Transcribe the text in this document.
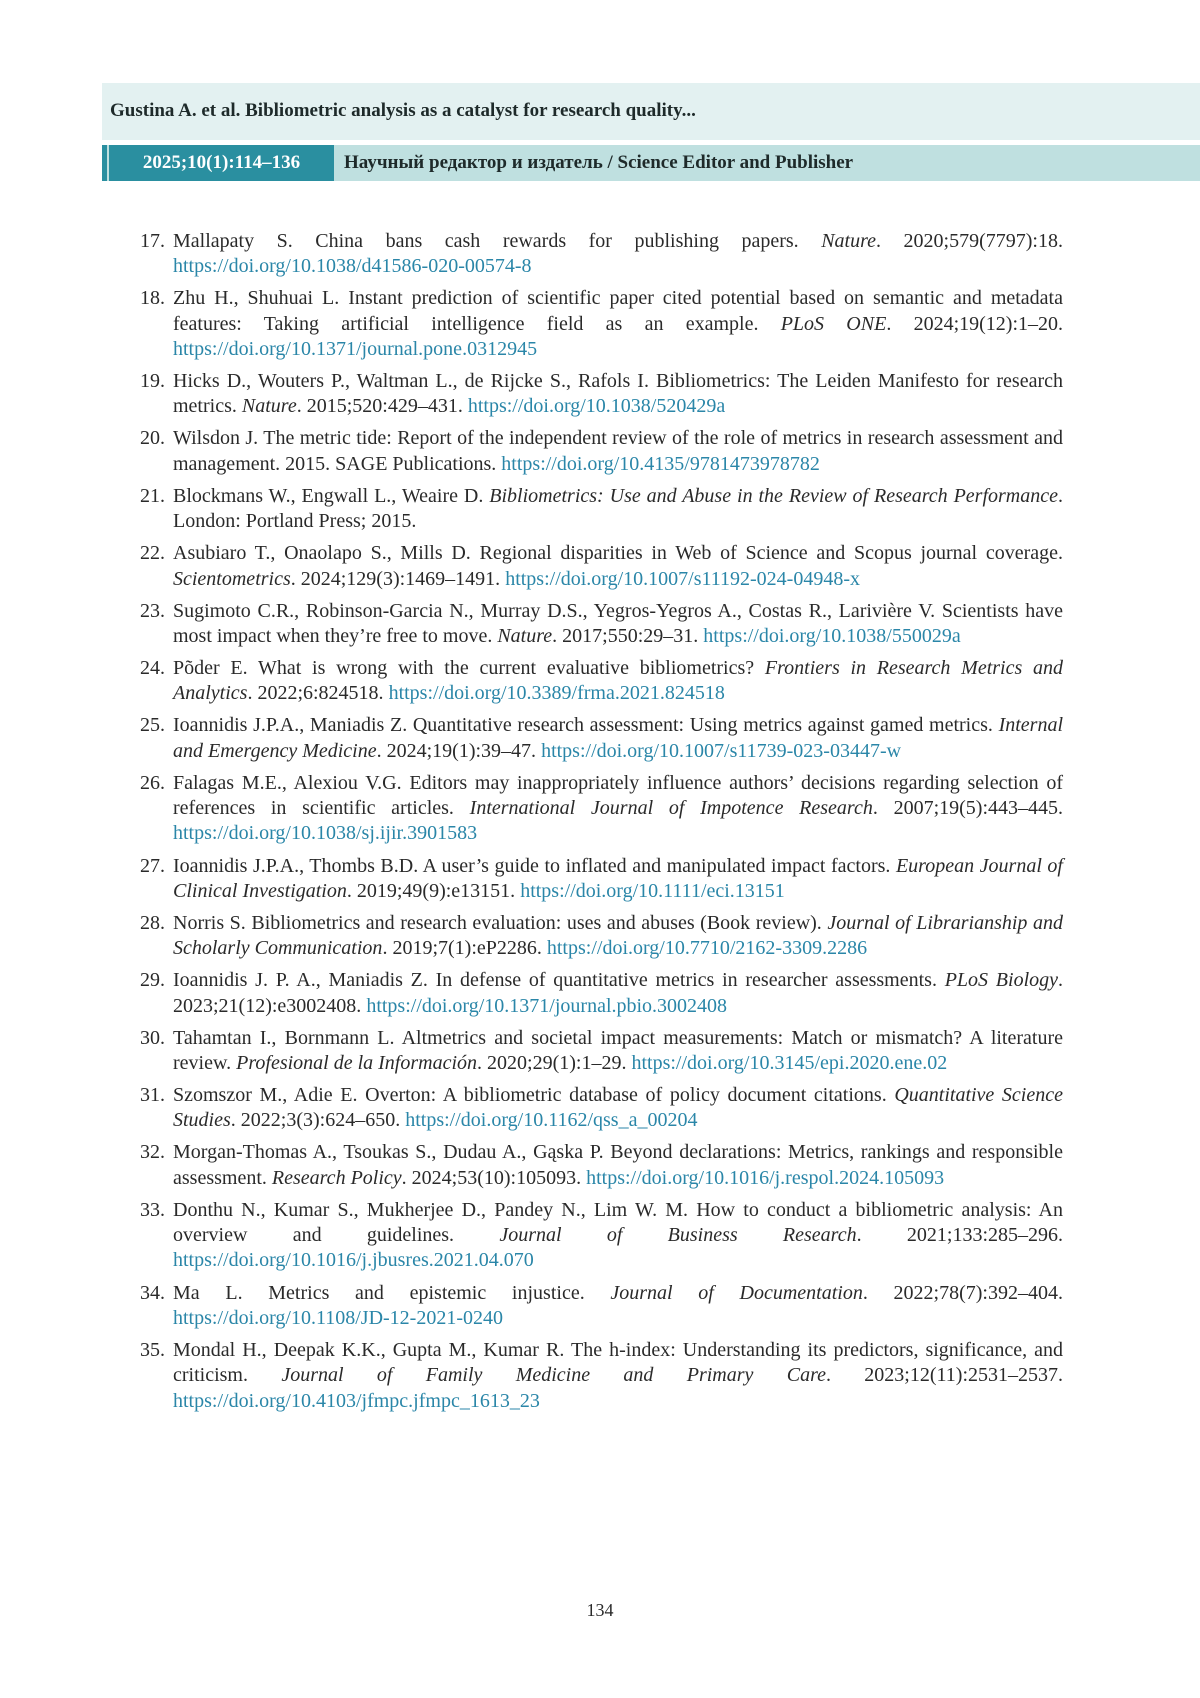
Gustina A. et al. Bibliometric analysis as a catalyst for research quality...
2025;10(1):114–136	Научный редактор и издатель / Science Editor and Publisher
17. Mallapaty S. China bans cash rewards for publishing papers. Nature. 2020;579(7797):18. https://doi.org/10.1038/d41586-020-00574-8
18. Zhu H., Shuhuai L. Instant prediction of scientific paper cited potential based on semantic and metadata features: Taking artificial intelligence field as an example. PLoS ONE. 2024;19(12):1–20. https://doi.org/10.1371/journal.pone.0312945
19. Hicks D., Wouters P., Waltman L., de Rijcke S., Rafols I. Bibliometrics: The Leiden Manifesto for research metrics. Nature. 2015;520:429–431. https://doi.org/10.1038/520429a
20. Wilsdon J. The metric tide: Report of the independent review of the role of metrics in research assessment and management. 2015. SAGE Publications. https://doi.org/10.4135/9781473978782
21. Blockmans W., Engwall L., Weaire D. Bibliometrics: Use and Abuse in the Review of Research Performance. London: Portland Press; 2015.
22. Asubiaro T., Onaolapo S., Mills D. Regional disparities in Web of Science and Scopus journal coverage. Scientometrics. 2024;129(3):1469–1491. https://doi.org/10.1007/s11192-024-04948-x
23. Sugimoto C.R., Robinson-Garcia N., Murray D.S., Yegros-Yegros A., Costas R., Larivière V. Scientists have most impact when they’re free to move. Nature. 2017;550:29–31. https://doi.org/10.1038/550029a
24. Põder E. What is wrong with the current evaluative bibliometrics? Frontiers in Research Metrics and Analytics. 2022;6:824518. https://doi.org/10.3389/frma.2021.824518
25. Ioannidis J.P.A., Maniadis Z. Quantitative research assessment: Using metrics against gamed metrics. Internal and Emergency Medicine. 2024;19(1):39–47. https://doi.org/10.1007/s11739-023-03447-w
26. Falagas M.E., Alexiou V.G. Editors may inappropriately influence authors’ decisions regarding selection of references in scientific articles. International Journal of Impotence Research. 2007;19(5):443–445. https://doi.org/10.1038/sj.ijir.3901583
27. Ioannidis J.P.A., Thombs B.D. A user’s guide to inflated and manipulated impact factors. European Journal of Clinical Investigation. 2019;49(9):e13151. https://doi.org/10.1111/eci.13151
28. Norris S. Bibliometrics and research evaluation: uses and abuses (Book review). Journal of Librarianship and Scholarly Communication. 2019;7(1):eP2286. https://doi.org/10.7710/2162-3309.2286
29. Ioannidis J. P. A., Maniadis Z. In defense of quantitative metrics in researcher assessments. PLoS Biology. 2023;21(12):e3002408. https://doi.org/10.1371/journal.pbio.3002408
30. Tahamtan I., Bornmann L. Altmetrics and societal impact measurements: Match or mismatch? A literature review. Profesional de la Información. 2020;29(1):1–29. https://doi.org/10.3145/epi.2020.ene.02
31. Szomszor M., Adie E. Overton: A bibliometric database of policy document citations. Quantitative Science Studies. 2022;3(3):624–650. https://doi.org/10.1162/qss_a_00204
32. Morgan-Thomas A., Tsoukas S., Dudau A., Gąska P. Beyond declarations: Metrics, rankings and responsible assessment. Research Policy. 2024;53(10):105093. https://doi.org/10.1016/j.respol.2024.105093
33. Donthu N., Kumar S., Mukherjee D., Pandey N., Lim W. M. How to conduct a bibliometric analysis: An overview and guidelines. Journal of Business Research. 2021;133:285–296. https://doi.org/10.1016/j.jbusres.2021.04.070
34. Ma L. Metrics and epistemic injustice. Journal of Documentation. 2022;78(7):392–404. https://doi.org/10.1108/JD-12-2021-0240
35. Mondal H., Deepak K.K., Gupta M., Kumar R. The h-index: Understanding its predictors, significance, and criticism. Journal of Family Medicine and Primary Care. 2023;12(11):2531–2537. https://doi.org/10.4103/jfmpc.jfmpc_1613_23
134
